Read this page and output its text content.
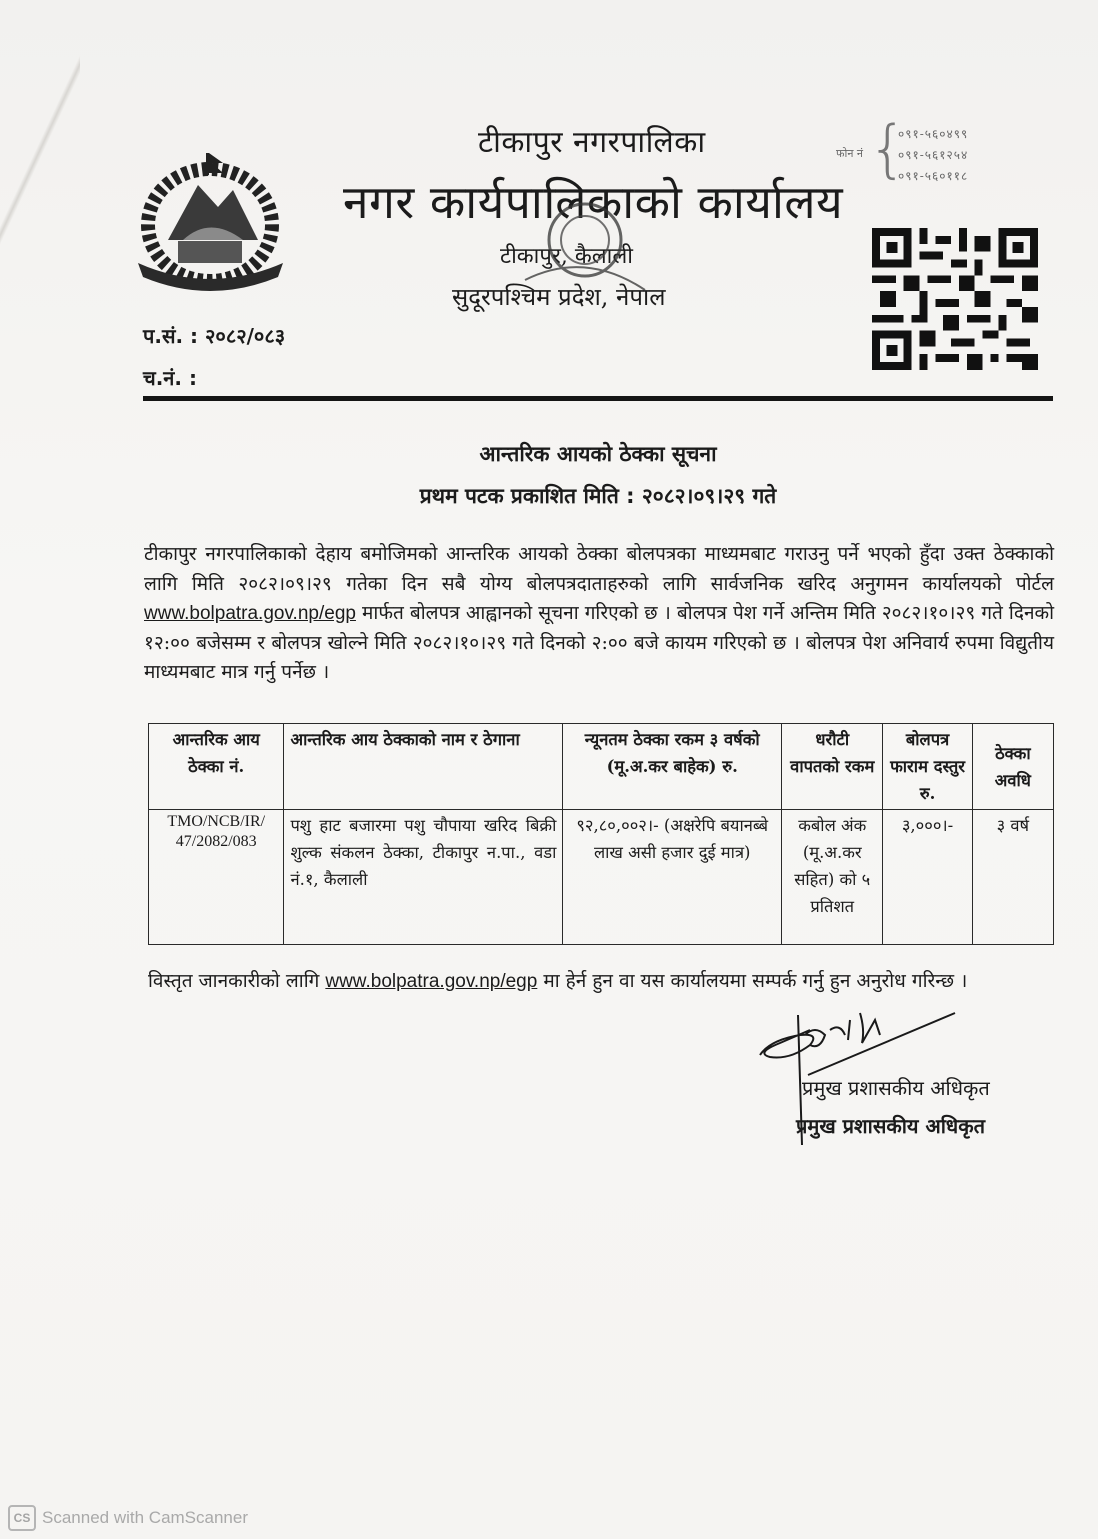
टीकापुर नगरपालिका
नगर कार्यपालिकाको कार्यालय
टीकापुर, कैलाली
सुदूरपश्चिम प्रदेश, नेपाल
फोन नं {
०९१-५६०४९९
०९१-५६१२५४
०९१-५६०११८
प.सं. : २०८२/०८३
च.नं. :
आन्तरिक आयको ठेक्का सूचना
प्रथम पटक प्रकाशित मिति : २०८२।०९।२९ गते
टीकापुर नगरपालिकाको देहाय बमोजिमको आन्तरिक आयको ठेक्का बोलपत्रका माध्यमबाट गराउनु पर्ने भएको हुँदा उक्त ठेक्काको लागि मिति २०८२।०९।२९ गतेका दिन सबै योग्य बोलपत्रदाताहरुको लागि सार्वजनिक खरिद अनुगमन कार्यालयको पोर्टल www.bolpatra.gov.np/egp मार्फत बोलपत्र आह्वानको सूचना गरिएको छ । बोलपत्र पेश गर्ने अन्तिम मिति २०८२।१०।२९ गते दिनको १२:०० बजेसम्म र बोलपत्र खोल्ने मिति २०८२।१०।२९ गते दिनको २:०० बजे कायम गरिएको छ । बोलपत्र पेश अनिवार्य रुपमा विद्युतीय माध्यमबाट मात्र गर्नु पर्नेछ ।
आन्तरिक आय ठेक्का नं.	आन्तरिक आय ठेक्काको नाम र ठेगाना	न्यूनतम ठेक्का रकम ३ वर्षको (मू.अ.कर बाहेक) रु.	धरौटी वापतको रकम	बोलपत्र फाराम दस्तुर रु.	ठेक्का अवधि
TMO/NCB/IR/ 47/2082/083	पशु हाट बजारमा पशु चौपाया खरिद बिक्री शुल्क संकलन ठेक्का, टीकापुर न.पा., वडा नं.१, कैलाली	९२,८०,००२।- (अक्षरेपि बयानब्बे लाख असी हजार दुई मात्र)	कबोल अंक (मू.अ.कर सहित) को ५ प्रतिशत	३,०००।-	३ वर्ष
विस्तृत जानकारीको लागि www.bolpatra.gov.np/egp मा हेर्न हुन वा यस कार्यालयमा सम्पर्क गर्नु हुन अनुरोध गरिन्छ ।
प्रमुख प्रशासकीय अधिकृत
प्रमुख प्रशासकीय अधिकृत
CS Scanned with CamScanner
